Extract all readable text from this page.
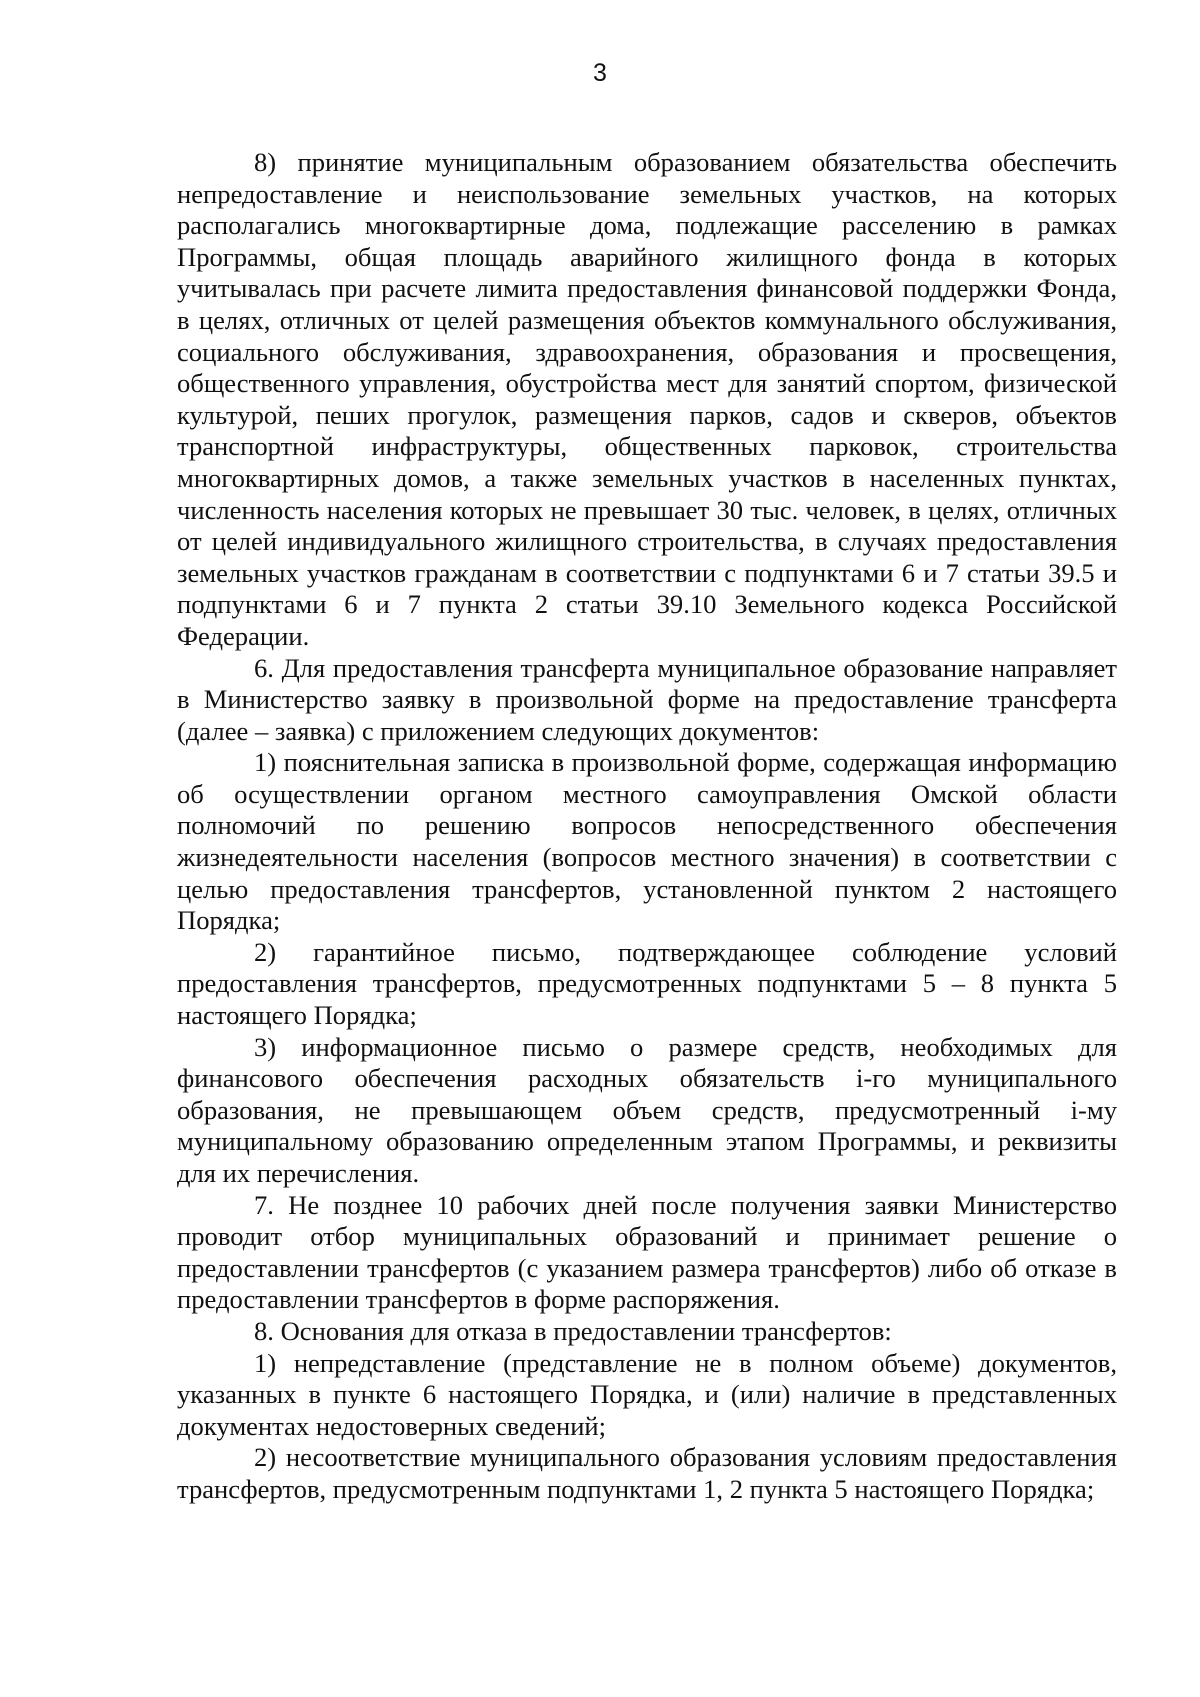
3

8) принятие муниципальным образованием обязательства обеспечить непредоставление и неиспользование земельных участков, на которых располагались многоквартирные дома, подлежащие расселению в рамках Программы, общая площадь аварийного жилищного фонда в которых учитывалась при расчете лимита предоставления финансовой поддержки Фонда, в целях, отличных от целей размещения объектов коммунального обслуживания, социального обслуживания, здравоохранения, образования и просвещения, общественного управления, обустройства мест для занятий спортом, физической культурой, пеших прогулок, размещения парков, садов и скверов, объектов транспортной инфраструктуры, общественных парковок, строительства многоквартирных домов, а также земельных участков в населенных пунктах, численность населения которых не превышает 30 тыс. человек, в целях, отличных от целей индивидуального жилищного строительства, в случаях предоставления земельных участков гражданам в соответствии с подпунктами 6 и 7 статьи 39.5 и подпунктами 6 и 7 пункта 2 статьи 39.10 Земельного кодекса Российской Федерации.

6. Для предоставления трансферта муниципальное образование направляет в Министерство заявку в произвольной форме на предоставление трансферта (далее – заявка) с приложением следующих документов:

1) пояснительная записка в произвольной форме, содержащая информацию об осуществлении органом местного самоуправления Омской области полномочий по решению вопросов непосредственного обеспечения жизнедеятельности населения (вопросов местного значения) в соответствии с целью предоставления трансфертов, установленной пунктом 2 настоящего Порядка;

2) гарантийное письмо, подтверждающее соблюдение условий предоставления трансфертов, предусмотренных подпунктами 5 – 8 пункта 5 настоящего Порядка;

3) информационное письмо о размере средств, необходимых для финансового обеспечения расходных обязательств i-го муниципального образования, не превышающем объем средств, предусмотренный i-му муниципальному образованию определенным этапом Программы, и реквизиты для их перечисления.

7. Не позднее 10 рабочих дней после получения заявки Министерство проводит отбор муниципальных образований и принимает решение о предоставлении трансфертов (с указанием размера трансфертов) либо об отказе в предоставлении трансфертов в форме распоряжения.

8. Основания для отказа в предоставлении трансфертов:

1) непредставление (представление не в полном объеме) документов, указанных в пункте 6 настоящего Порядка, и (или) наличие в представленных документах недостоверных сведений;

2) несоответствие муниципального образования условиям предоставления трансфертов, предусмотренным подпунктами 1, 2 пункта 5 настоящего Порядка;
